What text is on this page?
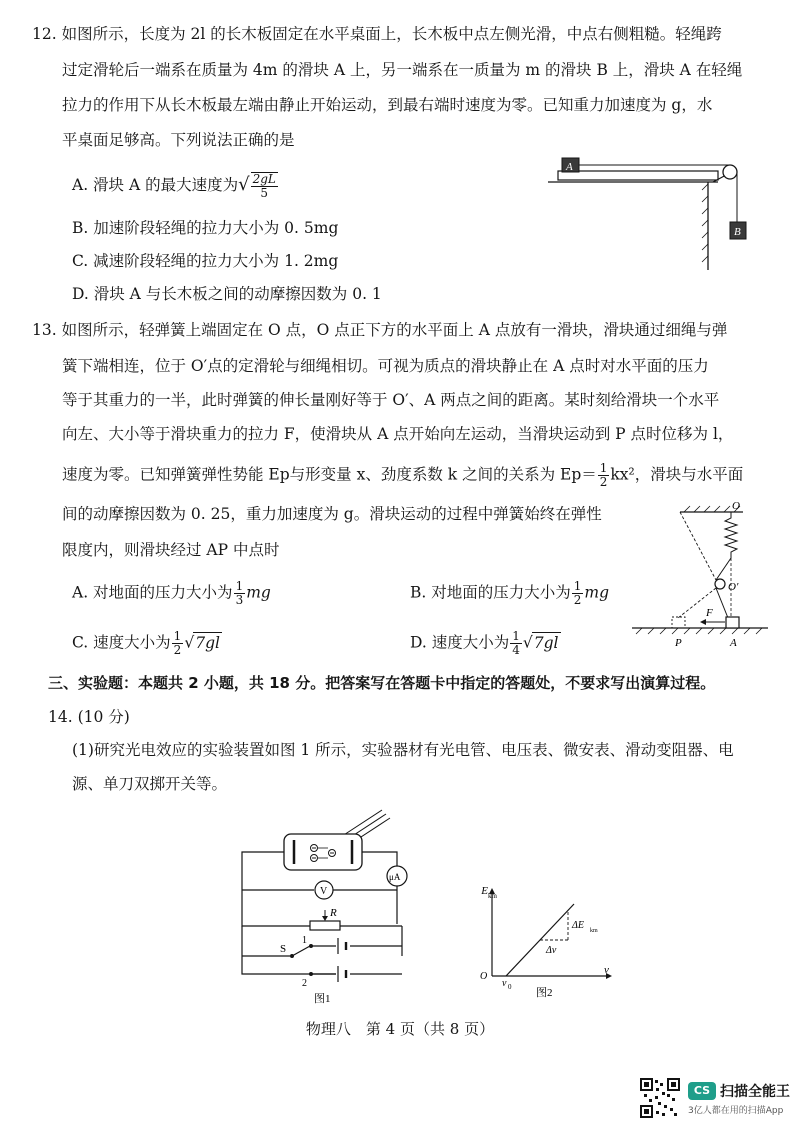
12. 如图所示，长度为 2l 的长木板固定在水平桌面上，长木板中点左侧光滑，中点右侧粗糙。轻绳跨
过定滑轮后一端系在质量为 4m 的滑块 A 上，另一端系在一质量为 m 的滑块 B 上，滑块 A 在轻绳
拉力的作用下从长木板最左端由静止开始运动，到最右端时速度为零。已知重力加速度为 g，水
平桌面足够高。下列说法正确的是
A. 滑块 A 的最大速度为√ $\frac{2gL}{5}$
B. 加速阶段轻绳的拉力大小为 0. 5mg
C. 减速阶段轻绳的拉力大小为 1. 2mg
D. 滑块 A 与长木板之间的动摩擦因数为 0. 1
A
B
13. 如图所示，轻弹簧上端固定在 O 点，O 点正下方的水平面上 A 点放有一滑块，滑块通过细绳与弹
簧下端相连，位于 O′点的定滑轮与细绳相切。可视为质点的滑块静止在 A 点时对水平面的压力
等于其重力的一半，此时弹簧的伸长量刚好等于 O′、A 两点之间的距离。某时刻给滑块一个水平
向左、大小等于滑块重力的拉力 F，使滑块从 A 点开始向左运动，当滑块运动到 P 点时位移为 l，
速度为零。已知弹簧弹性势能 Ep与形变量 x、劲度系数 k 之间的关系为 $Ep= \frac{1}{2} kx^2$，滑块与水平面
间的动摩擦因数为 0. 25，重力加速度为 g。滑块运动的过程中弹簧始终在弹性
限度内，则滑块经过 AP 中点时
A. 对地面的压力大小为 $\frac{1}{3}$ mg	B. 对地面的压力大小为 $\frac{1}{2}$ mg
C. 速度大小为 $\frac{1}{2} √7gl$	D. 速度大小为 $\frac{1}{4} √7gl$
O
O′
F
P	A
三、实验题：本题共 2 小题，共 18 分。把答案写在答题卡中指定的答题处，不要求写出演算过程。
14. (10 分)
(1)研究光电效应的实验装置如图 1 所示，实验器材有光电管、电压表、微安表、滑动变阻器、电
源、单刀双掷开关等。
μA
V
R
S
1
2
图1
E km
ν
O
ΔE km
Δν
ν 0 图2
物理八　第 4 页（共 8 页）
CS 扫描全能王
3亿人都在用的扫描App
